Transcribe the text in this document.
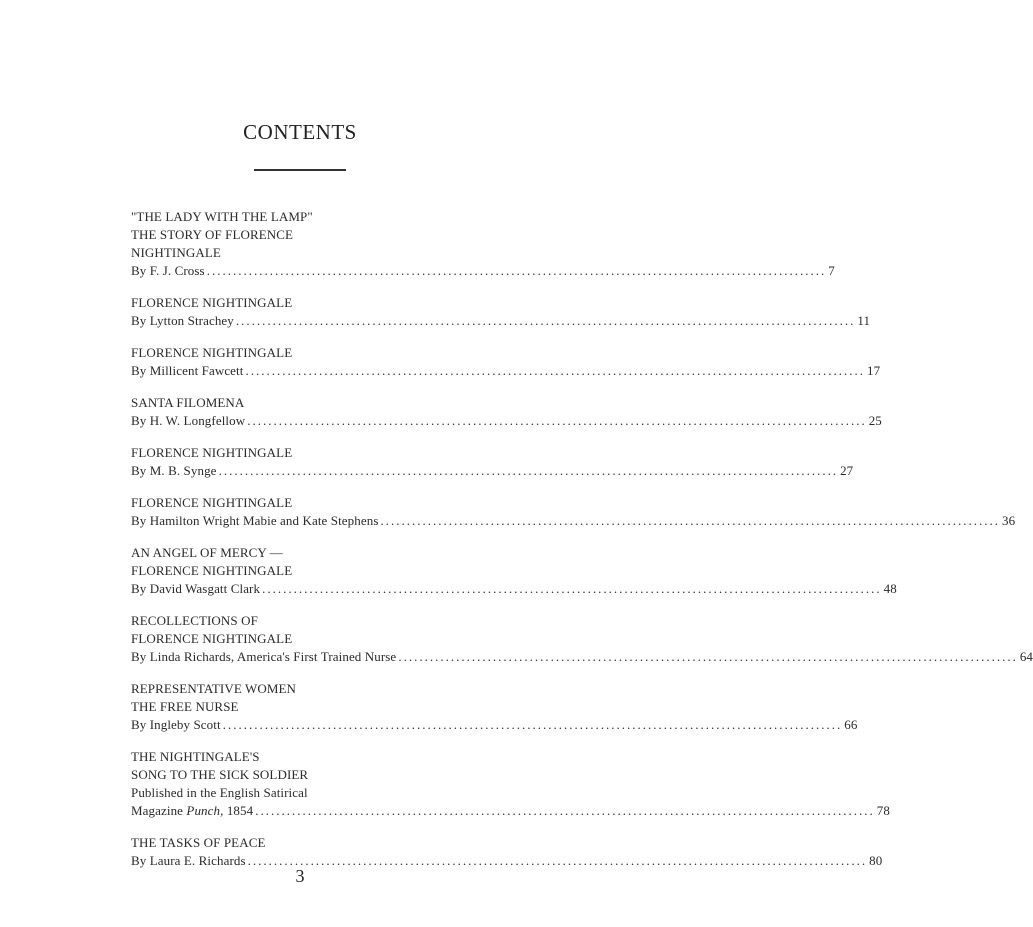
CONTENTS
"THE LADY WITH THE LAMP"
THE STORY OF FLORENCE
NIGHTINGALE
By F. J. Cross ...................................................................................................................... 7
FLORENCE NIGHTINGALE
By Lytton Strachey ...................................................................................................................... 11
FLORENCE NIGHTINGALE
By Millicent Fawcett ...................................................................................................................... 17
SANTA FILOMENA
By H. W. Longfellow ...................................................................................................................... 25
FLORENCE NIGHTINGALE
By M. B. Synge ...................................................................................................................... 27
FLORENCE NIGHTINGALE
By Hamilton Wright Mabie and Kate Stephens ...................................................................................................................... 36
AN ANGEL OF MERCY —
FLORENCE NIGHTINGALE
By David Wasgatt Clark ...................................................................................................................... 48
RECOLLECTIONS OF
FLORENCE NIGHTINGALE
By Linda Richards, America's First Trained Nurse ...................................................................................................................... 64
REPRESENTATIVE WOMEN
THE FREE NURSE
By Ingleby Scott ...................................................................................................................... 66
THE NIGHTINGALE'S
SONG TO THE SICK SOLDIER
Published in the English Satirical
Magazine Punch, 1854 ...................................................................................................................... 78
THE TASKS OF PEACE
By Laura E. Richards ...................................................................................................................... 80
3
